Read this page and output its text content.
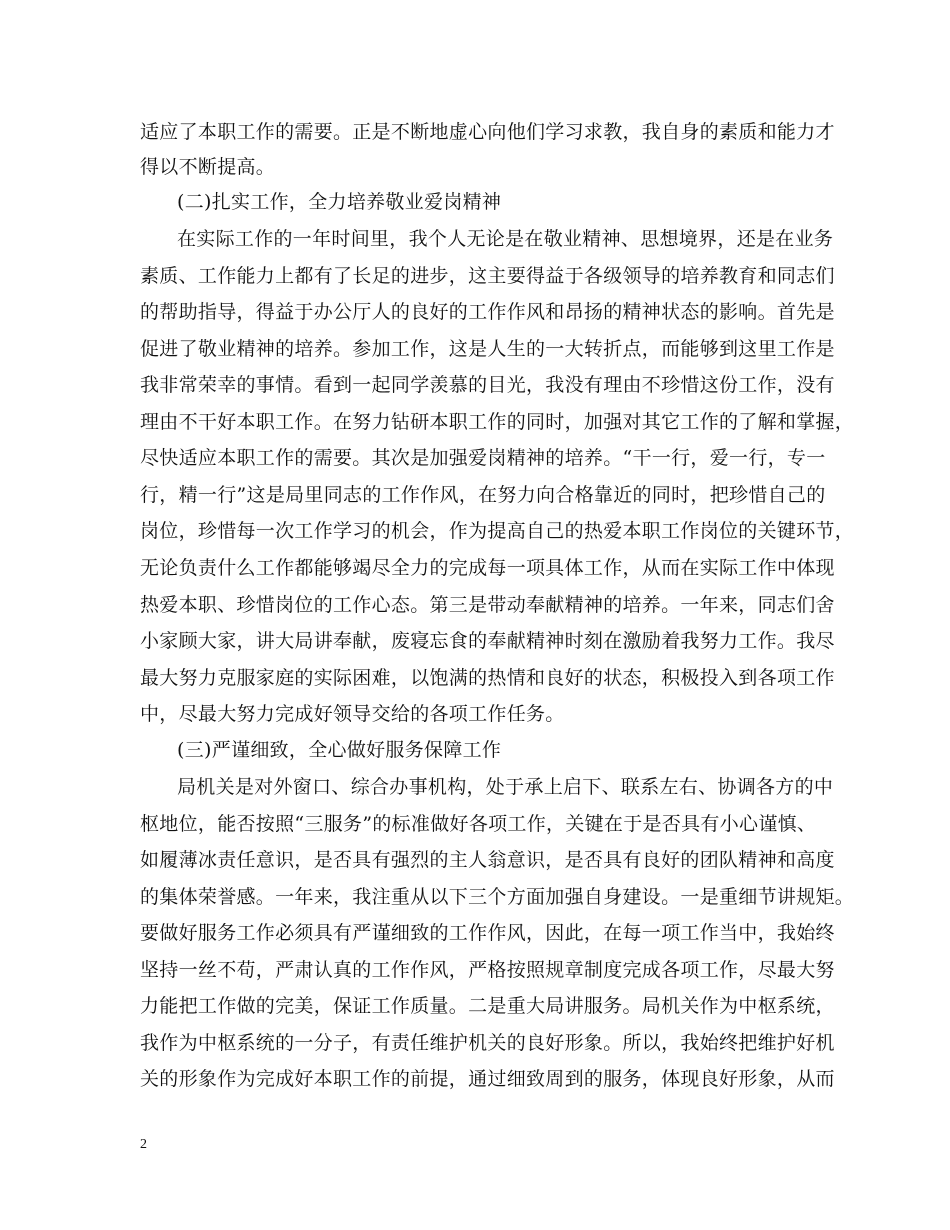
适应了本职工作的需要。正是不断地虚心向他们学习求教，我自身的素质和能力才
得以不断提高。
(二)扎实工作，全力培养敬业爱岗精神
在实际工作的一年时间里，我个人无论是在敬业精神、思想境界，还是在业务
素质、工作能力上都有了长足的进步，这主要得益于各级领导的培养教育和同志们
的帮助指导，得益于办公厅人的良好的工作作风和昂扬的精神状态的影响。首先是
促进了敬业精神的培养。参加工作，这是人生的一大转折点，而能够到这里工作是
我非常荣幸的事情。看到一起同学羡慕的目光，我没有理由不珍惜这份工作，没有
理由不干好本职工作。在努力钻研本职工作的同时，加强对其它工作的了解和掌握，
尽快适应本职工作的需要。其次是加强爱岗精神的培养。“干一行，爱一行，专一
行，精一行”这是局里同志的工作作风，在努力向合格靠近的同时，把珍惜自己的
岗位，珍惜每一次工作学习的机会，作为提高自己的热爱本职工作岗位的关键环节，
无论负责什么工作都能够竭尽全力的完成每一项具体工作，从而在实际工作中体现
热爱本职、珍惜岗位的工作心态。第三是带动奉献精神的培养。一年来，同志们舍
小家顾大家，讲大局讲奉献，废寝忘食的奉献精神时刻在激励着我努力工作。我尽
最大努力克服家庭的实际困难，以饱满的热情和良好的状态，积极投入到各项工作
中，尽最大努力完成好领导交给的各项工作任务。
(三)严谨细致，全心做好服务保障工作
局机关是对外窗口、综合办事机构，处于承上启下、联系左右、协调各方的中
枢地位，能否按照“三服务”的标准做好各项工作，关键在于是否具有小心谨慎、
如履薄冰责任意识，是否具有强烈的主人翁意识，是否具有良好的团队精神和高度
的集体荣誉感。一年来，我注重从以下三个方面加强自身建设。一是重细节讲规矩。
要做好服务工作必须具有严谨细致的工作作风，因此，在每一项工作当中，我始终
坚持一丝不苟，严肃认真的工作作风，严格按照规章制度完成各项工作，尽最大努
力能把工作做的完美，保证工作质量。二是重大局讲服务。局机关作为中枢系统，
我作为中枢系统的一分子，有责任维护机关的良好形象。所以，我始终把维护好机
关的形象作为完成好本职工作的前提，通过细致周到的服务，体现良好形象，从而
2
